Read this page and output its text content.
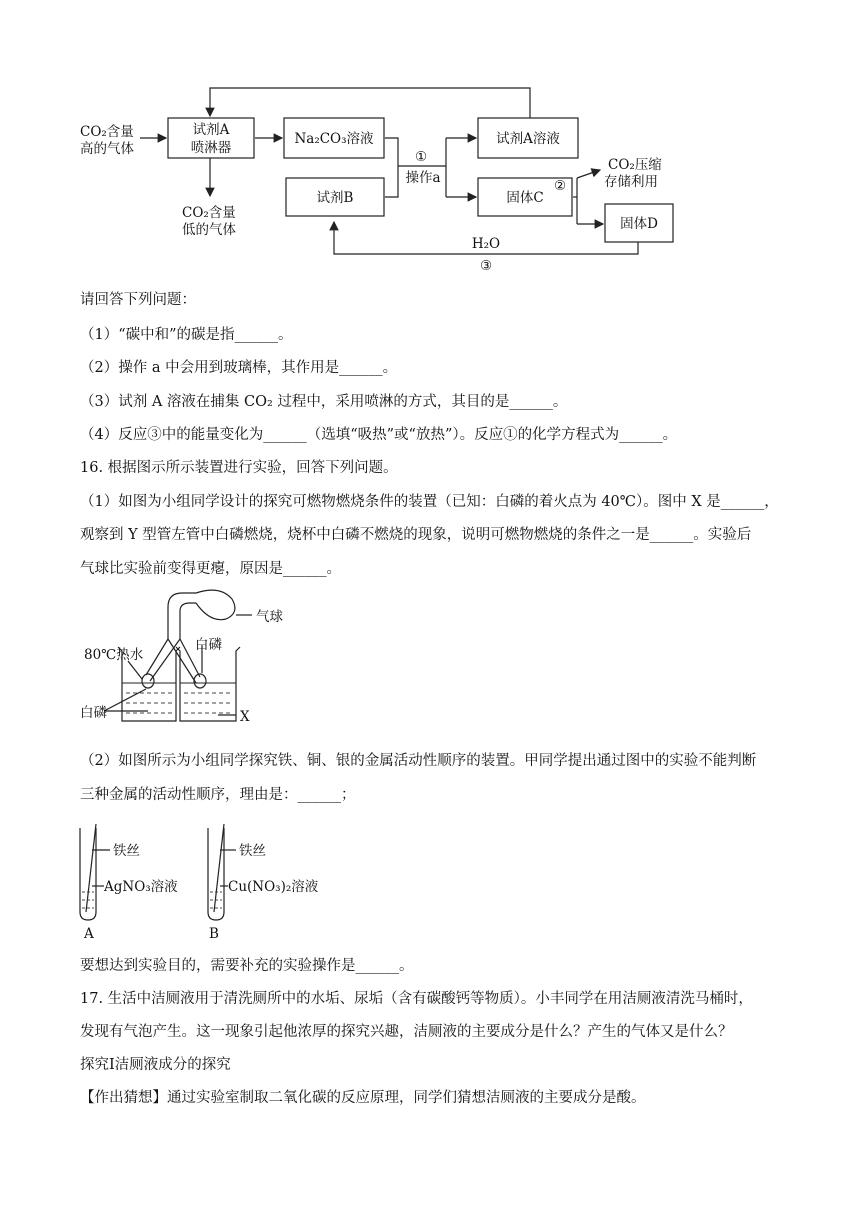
CO₂含量
高的气体
试剂A
喷淋器
Na₂CO₃溶液
试剂B
①
操作a
试剂A溶液
固体C
②
CO₂压缩
存储利用
固体D
H₂O
③
CO₂含量
低的气体
请回答下列问题：
（1）“碳中和”的碳是指______。
（2）操作 a 中会用到玻璃棒，其作用是______。
（3）试剂 A 溶液在捕集 CO₂ 过程中，采用喷淋的方式，其目的是______。
（4）反应③中的能量变化为______（选填“吸热”或“放热”）。反应①的化学方程式为______。
16. 根据图示所示装置进行实验，回答下列问题。
（1）如图为小组同学设计的探究可燃物燃烧条件的装置（已知：白磷的着火点为 40℃）。图中 X 是______，
观察到 Y 型管左管中白磷燃烧，烧杯中白磷不燃烧的现象，说明可燃物燃烧的条件之一是______。实验后
气球比实验前变得更瘪，原因是______。
气球
80℃热水
白磷
白磷	X
（2）如图所示为小组同学探究铁、铜、银的金属活动性顺序的装置。甲同学提出通过图中的实验不能判断
三种金属的活动性顺序，理由是：______；
铁丝
AgNO₃溶液
A
铁丝
Cu(NO₃)₂溶液
B
要想达到实验目的，需要补充的实验操作是______。
17. 生活中洁厕液用于清洗厕所中的水垢、尿垢（含有碳酸钙等物质）。小丰同学在用洁厕液清洗马桶时，
发现有气泡产生。这一现象引起他浓厚的探究兴趣，洁厕液的主要成分是什么？产生的气体又是什么？
探究Ⅰ洁厕液成分的探究
【作出猜想】通过实验室制取二氧化碳的反应原理，同学们猜想洁厕液的主要成分是酸。
